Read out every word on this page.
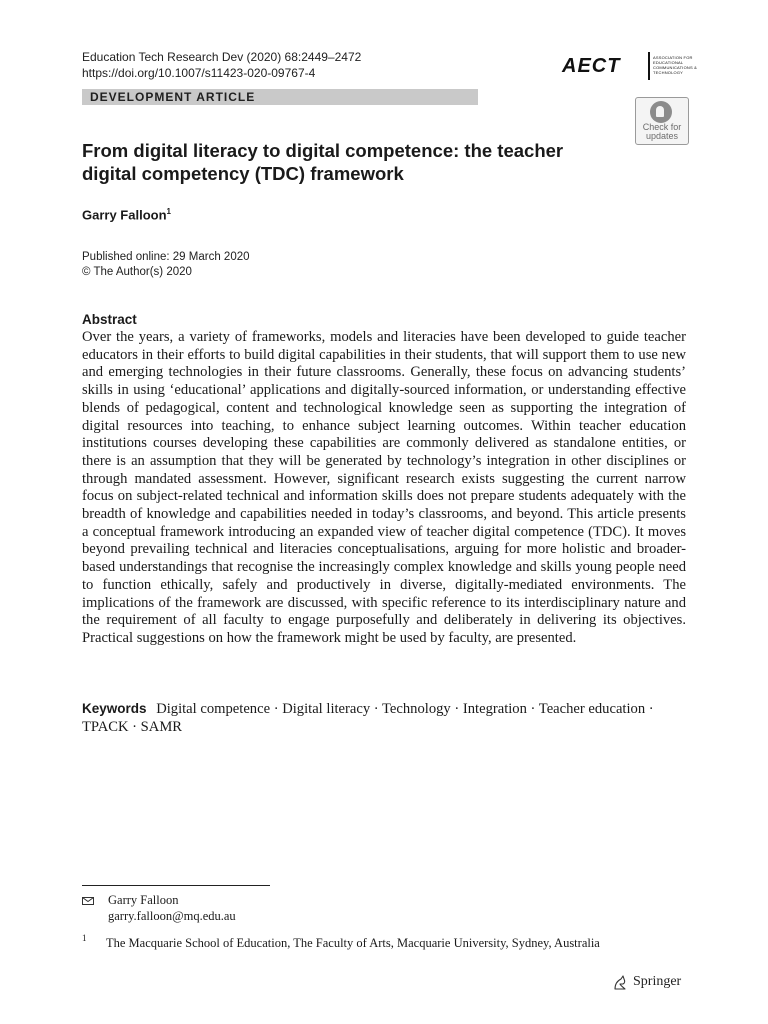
Education Tech Research Dev (2020) 68:2449–2472
https://doi.org/10.1007/s11423-020-09767-4	AECT	ASSOCIATION FOR EDUCATIONAL COMMUNICATIONS & TECHNOLOGY
DEVELOPMENT ARTICLE
Check for
updates
From digital literacy to digital competence: the teacher digital competency (TDC) framework
Garry Falloon$^1$
Published online: 29 March 2020
© The Author(s) 2020
Abstract
Over the years, a variety of frameworks, models and literacies have been developed to guide teacher educators in their efforts to build digital capabilities in their students, that will support them to use new and emerging technologies in their future classrooms. Generally, these focus on advancing students’ skills in using ‘educational’ applications and digitally-sourced information, or understanding effective blends of pedagogical, content and technological knowledge seen as supporting the integration of digital resources into teaching, to enhance subject learning outcomes. Within teacher education institutions courses developing these capabilities are commonly delivered as standalone entities, or there is an assumption that they will be generated by technology’s integration in other disciplines or through mandated assessment. However, significant research exists suggesting the current narrow focus on subject-related technical and information skills does not prepare students adequately with the breadth of knowledge and capabilities needed in today’s classrooms, and beyond. This article presents a conceptual framework introducing an expanded view of teacher digital competence (TDC). It moves beyond prevailing technical and literacies conceptualisations, arguing for more holistic and broader-based understandings that recognise the increasingly complex knowledge and skills young people need to function ethically, safely and productively in diverse, digitally-mediated environments. The implications of the framework are discussed, with specific reference to its interdisciplinary nature and the requirement of all faculty to engage purposefully and deliberately in delivering its objectives. Practical suggestions on how the framework might be used by faculty, are presented.
Keywords Digital competence · Digital literacy · Technology · Integration · Teacher education · TPACK · SAMR
Garry Falloon
garry.falloon@mq.edu.au
1 The Macquarie School of Education, The Faculty of Arts, Macquarie University, Sydney, Australia
Springer
